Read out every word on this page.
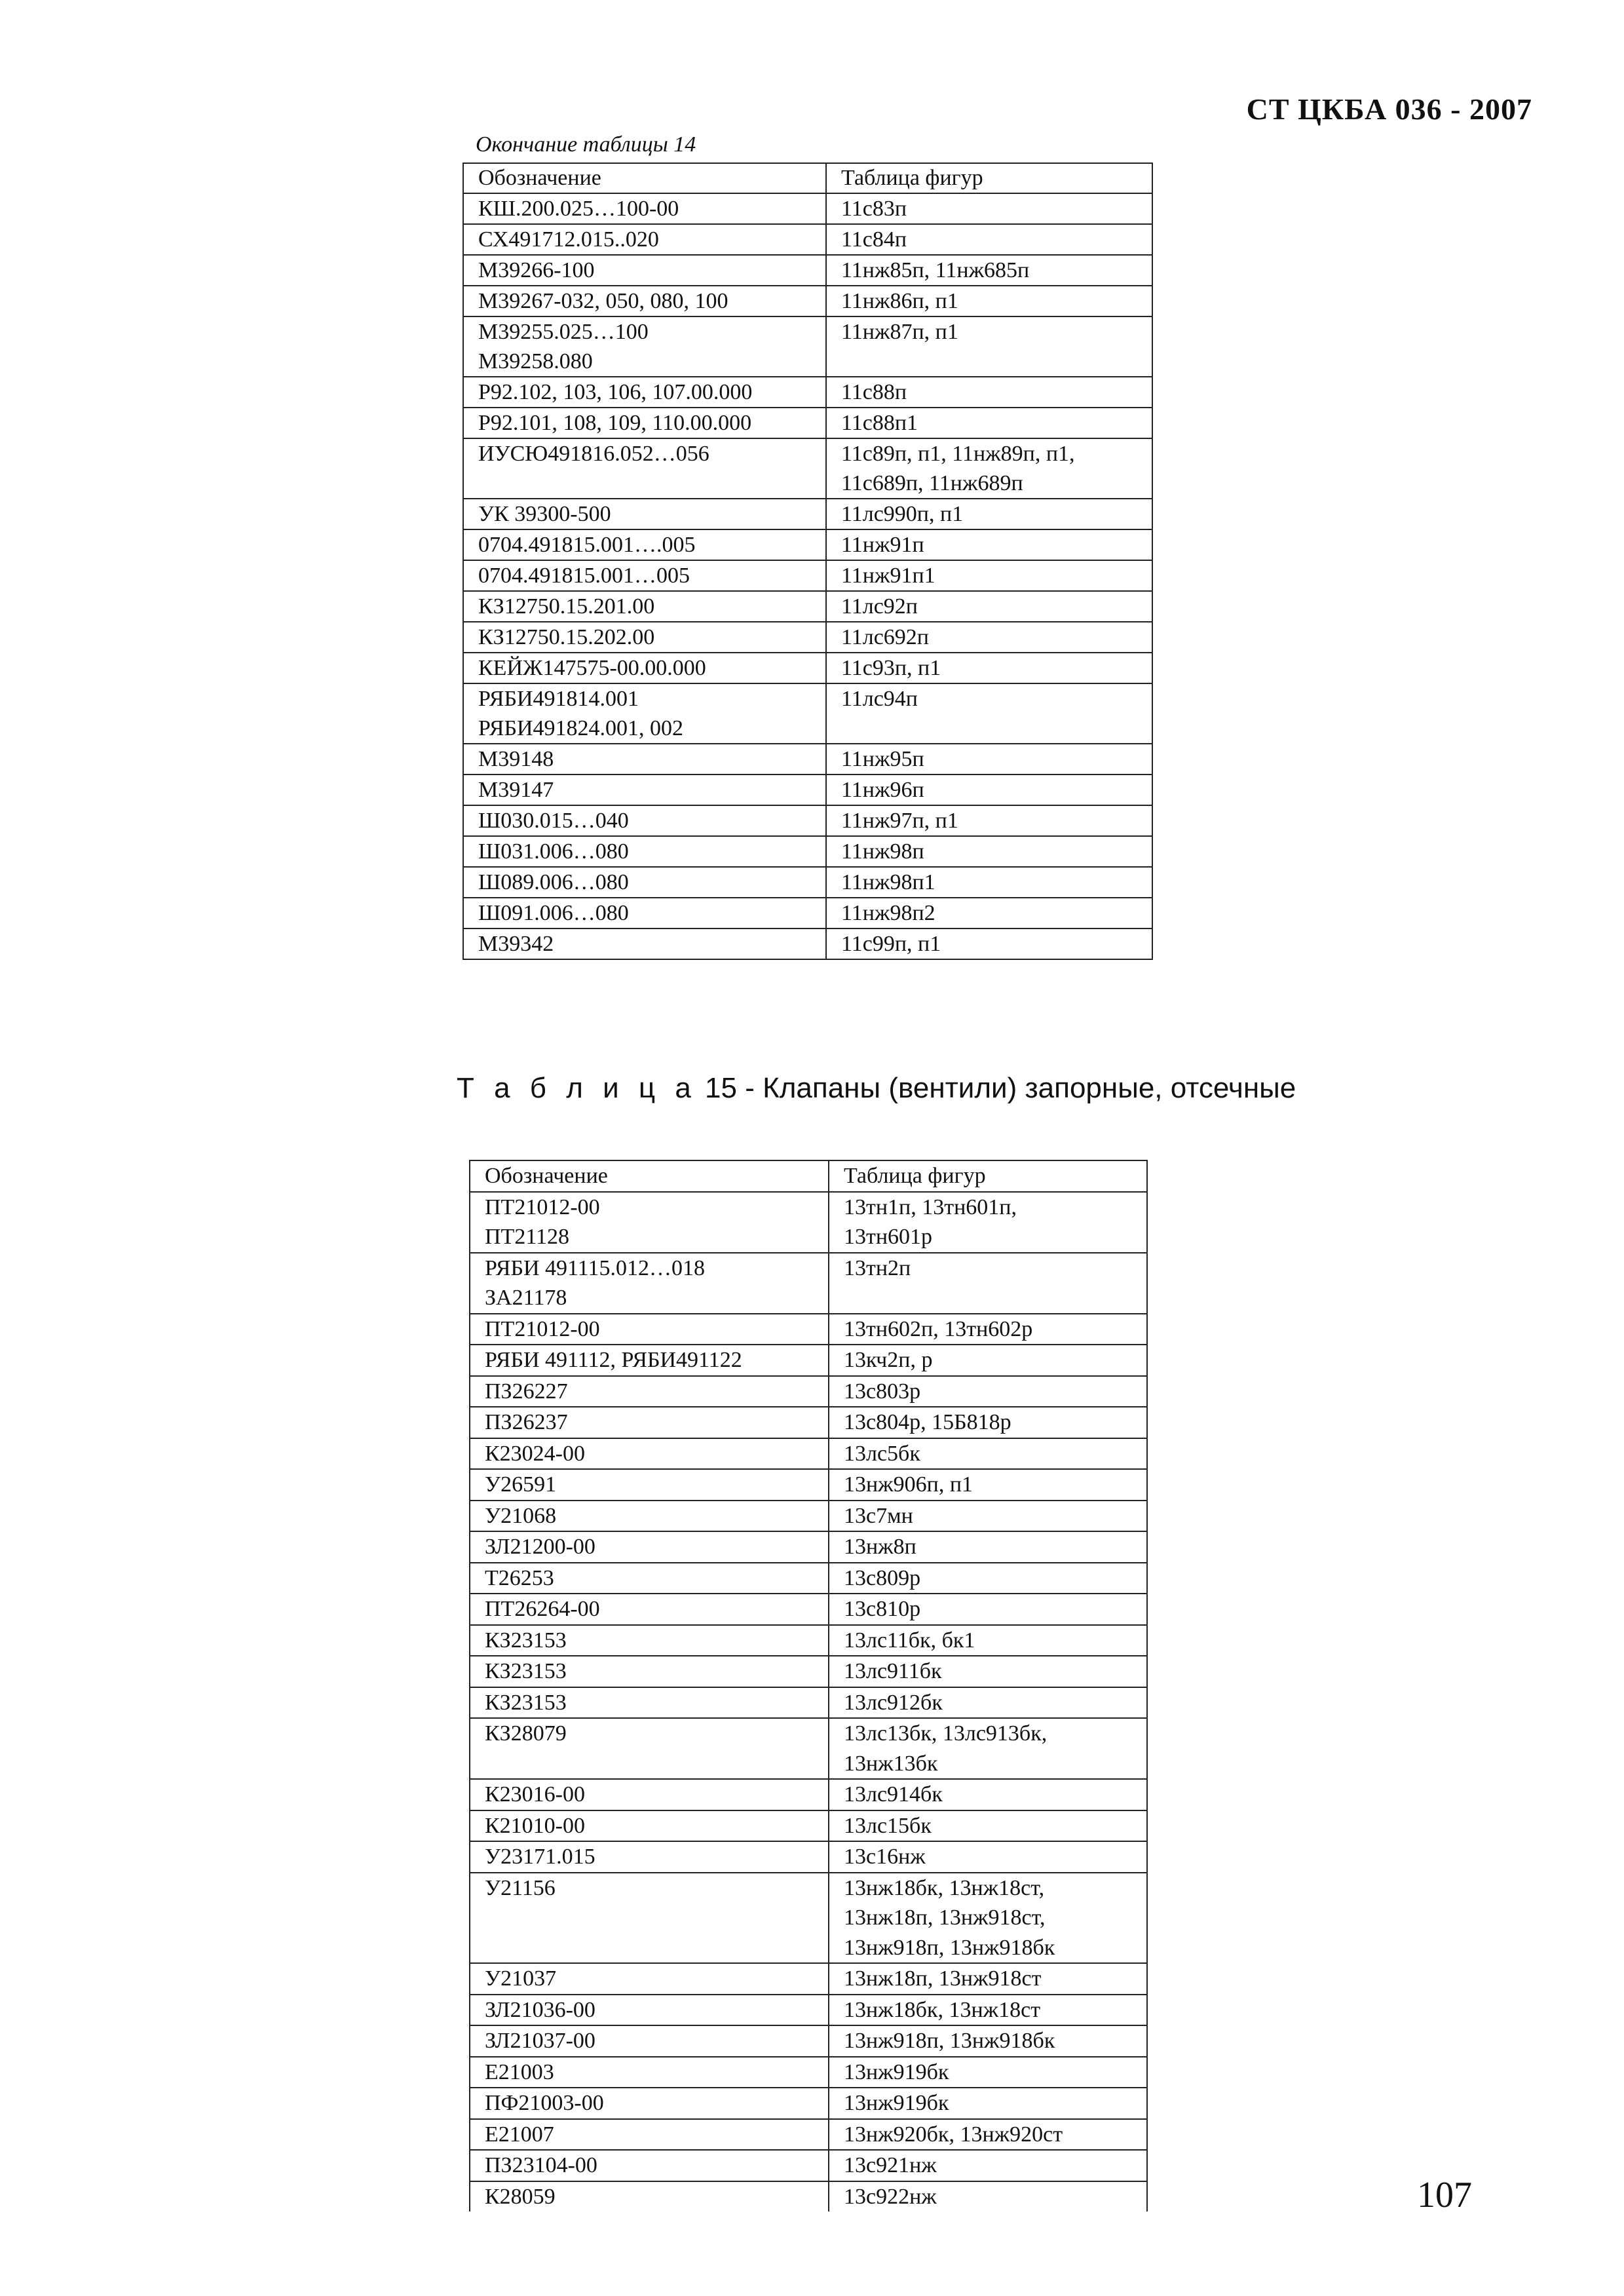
СТ ЦКБА 036 - 2007
Окончание таблицы 14
Обозначение	Таблица фигур

КШ.200.025…100-00	11с83п

СХ491712.015..020	11с84п

М39266-100	11нж85п, 11нж685п

М39267-032, 050, 080, 100	11нж86п, п1

М39255.025…100
М39258.080	11нж87п, п1

Р92.102, 103, 106, 107.00.000	11с88п

Р92.101, 108, 109, 110.00.000	11с88п1

ИУСЮ491816.052…056	11с89п, п1, 11нж89п, п1,
11с689п, 11нж689п

УК 39300-500	11лс990п, п1

0704.491815.001….005	11нж91п

0704.491815.001…005	11нж91п1

КЗ12750.15.201.00	11лс92п

КЗ12750.15.202.00	11лс692п

КЕЙЖ147575-00.00.000	11с93п, п1

РЯБИ491814.001
РЯБИ491824.001, 002	11лс94п

М39148	11нж95п

М39147	11нж96п

Ш030.015…040	11нж97п, п1

Ш031.006…080	11нж98п

Ш089.006…080	11нж98п1

Ш091.006…080	11нж98п2

М39342	11с99п, п1
Т а б л и ц а 15 - Клапаны (вентили) запорные, отсечные
Обозначение	Таблица фигур

ПТ21012-00
ПТ21128	13тн1п, 13тн601п,
13тн601р

РЯБИ 491115.012…018
ЗА21178	13тн2п

ПТ21012-00	13тн602п, 13тн602р

РЯБИ 491112, РЯБИ491122	13кч2п, р

ПЗ26227	13с803р

ПЗ26237	13с804р, 15Б818р

К23024-00	13лс5бк

У26591	13нж906п, п1

У21068	13с7мн

ЗЛ21200-00	13нж8п

Т26253	13с809р

ПТ26264-00	13с810р

КЗ23153	13лс11бк, бк1

КЗ23153	13лс911бк

КЗ23153	13лс912бк

КЗ28079	13лс13бк, 13лс913бк,
13нж13бк

К23016-00	13лс914бк

К21010-00	13лс15бк

У23171.015	13с16нж

У21156	13нж18бк, 13нж18ст,
13нж18п, 13нж918ст,
13нж918п, 13нж918бк

У21037	13нж18п, 13нж918ст

ЗЛ21036-00	13нж18бк, 13нж18ст

ЗЛ21037-00	13нж918п, 13нж918бк

Е21003	13нж919бк

ПФ21003-00	13нж919бк

Е21007	13нж920бк, 13нж920ст

ПЗ23104-00	13с921нж

К28059	13с922нж	107
